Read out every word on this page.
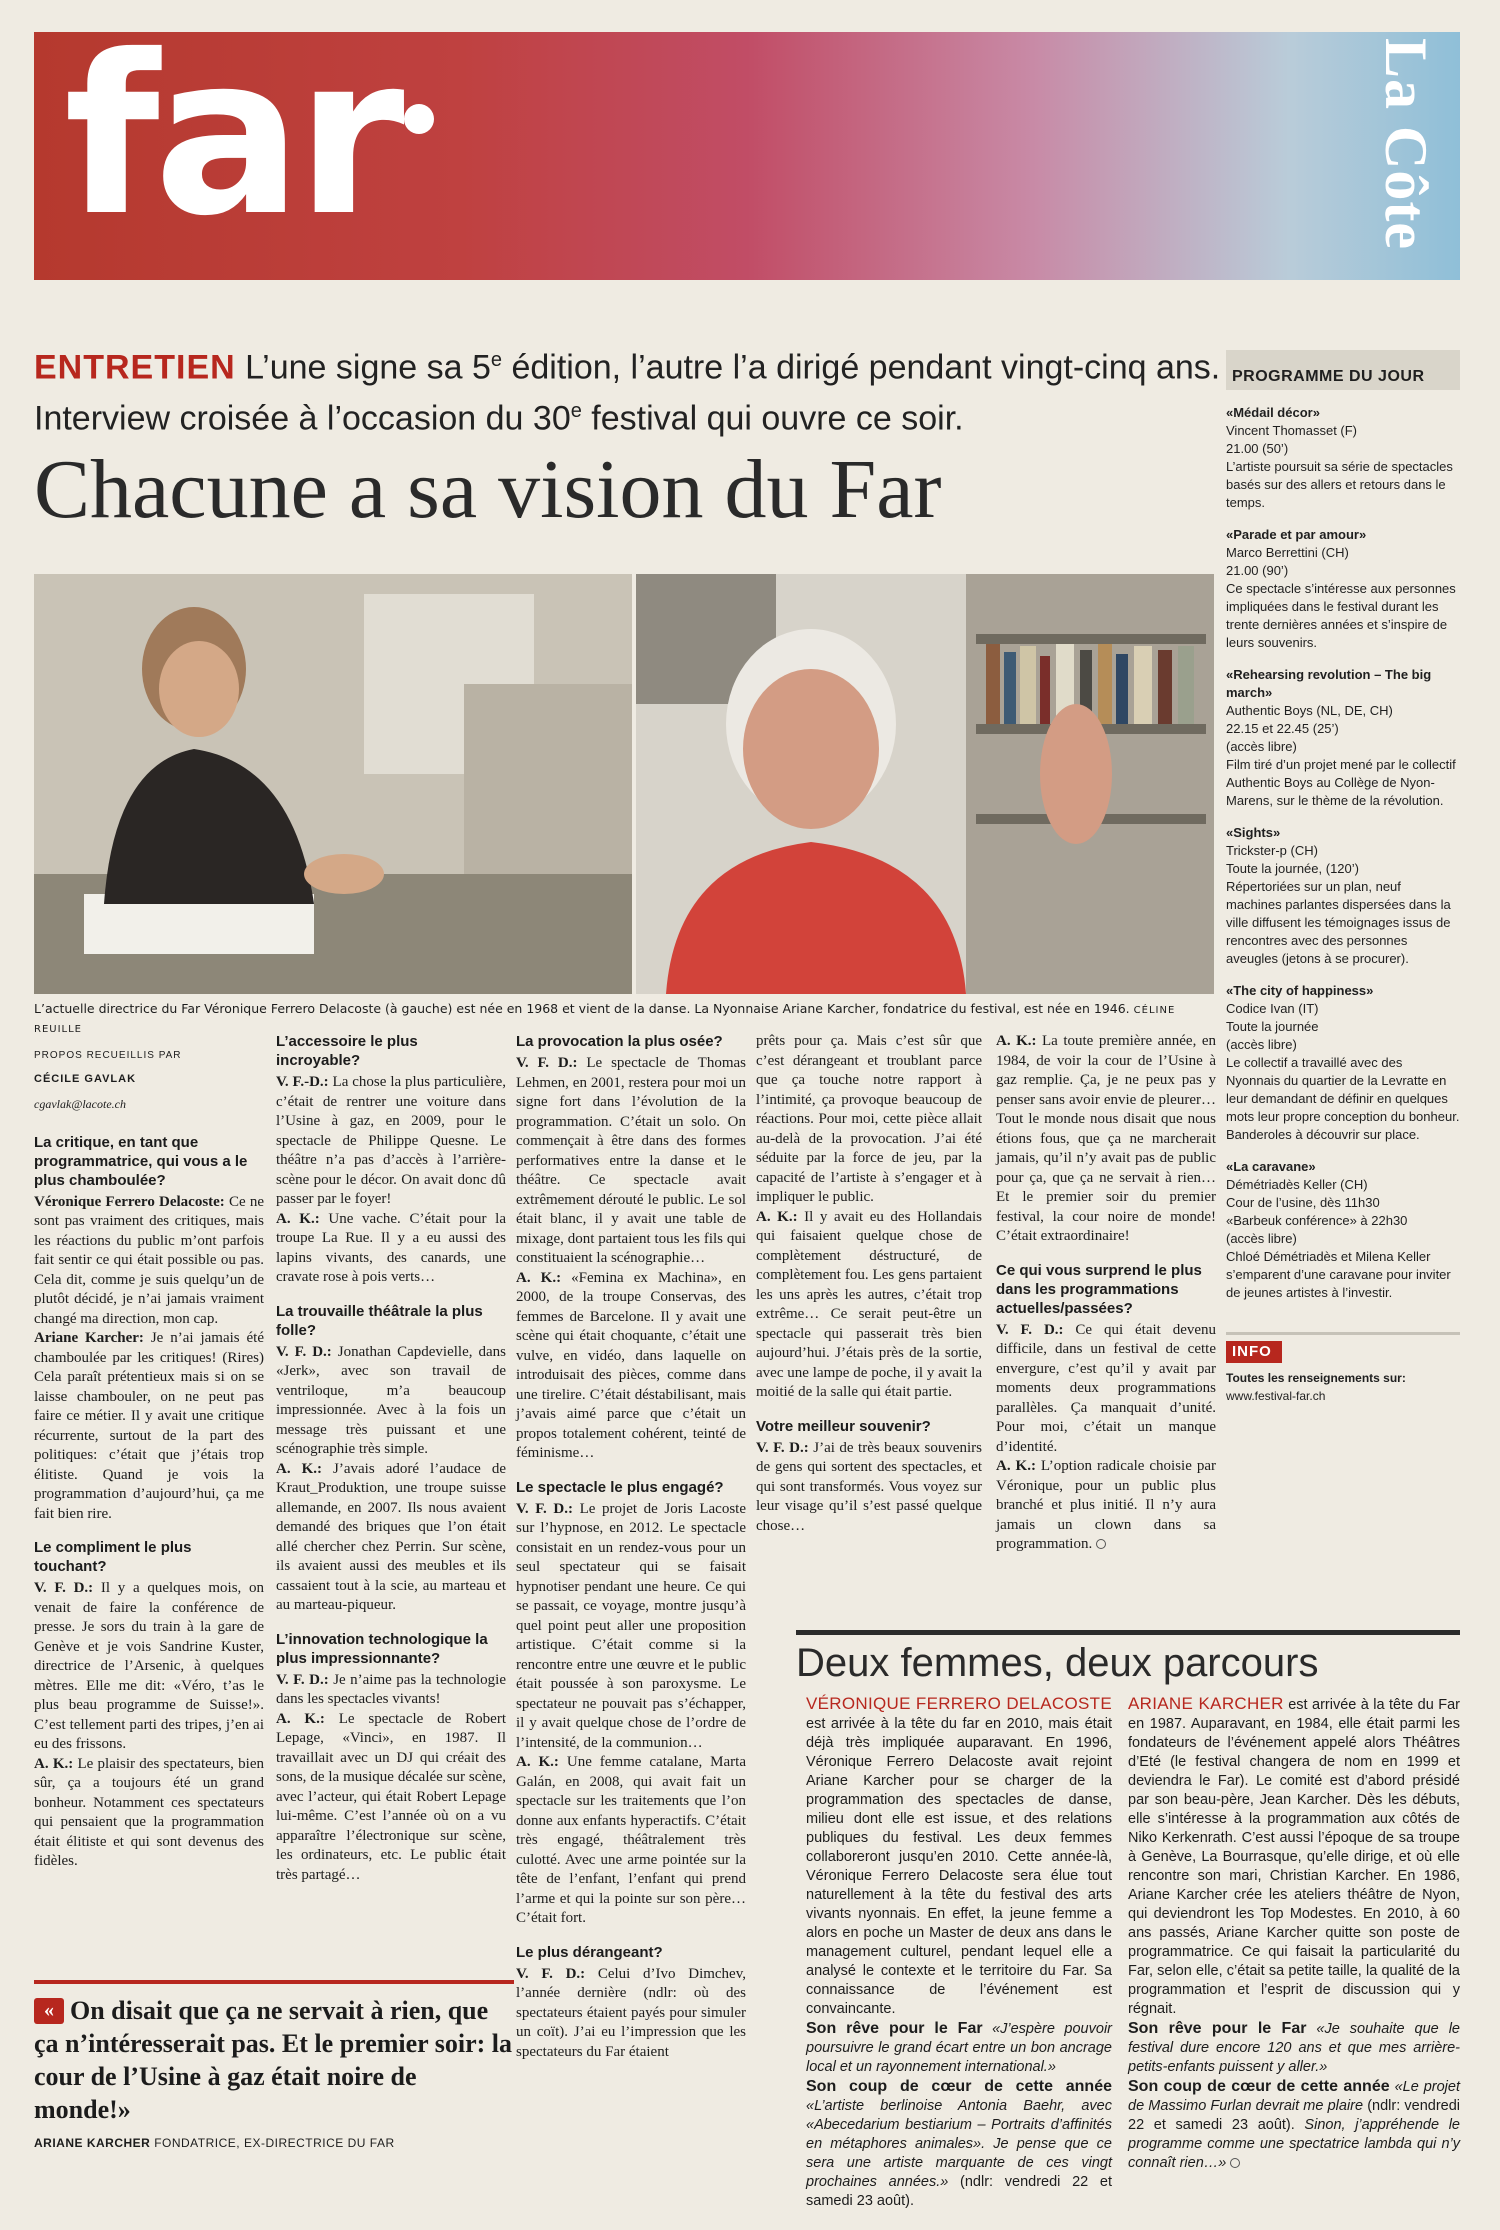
far	La Côte
ENTRETIEN L’une signe sa 5e édition, l’autre l’a dirigé pendant vingt-cinq ans. Interview croisée à l’occasion du 30e festival qui ouvre ce soir.
Chacune a sa vision du Far
L’actuelle directrice du Far Véronique Ferrero Delacoste (à gauche) est née en 1968 et vient de la danse. La Nyonnaise Ariane Karcher, fondatrice du festival, est née en 1946. CÉLINE REUILLE
PROPOS RECUEILLIS PAR
CÉCILE GAVLAK
cgavlak@lacote.ch

La critique, en tant que programmatrice, qui vous a le plus chamboulée?

Véronique Ferrero Delacoste: Ce ne sont pas vraiment des critiques, mais les réactions du public m’ont parfois fait sentir ce qui était possible ou pas. Cela dit, comme je suis quelqu’un de plutôt décidé, je n’ai jamais vraiment changé ma direction, mon cap.

Ariane Karcher: Je n’ai jamais été chamboulée par les critiques! (Rires) Cela paraît prétentieux mais si on se laisse chambouler, on ne peut pas faire ce métier. Il y avait une critique récurrente, surtout de la part des politiques: c’était que j’étais trop élitiste. Quand je vois la programmation d’aujourd’hui, ça me fait bien rire.

Le compliment le plus touchant?

V. F. D.: Il y a quelques mois, on venait de faire la conférence de presse. Je sors du train à la gare de Genève et je vois Sandrine Kuster, directrice de l’Arsenic, à quelques mètres. Elle me dit: «Véro, t’as le plus beau programme de Suisse!». C’est tellement parti des tripes, j’en ai eu des frissons.

A. K.: Le plaisir des spectateurs, bien sûr, ça a toujours été un grand bonheur. Notamment ces spectateurs qui pensaient que la programmation était élitiste et qui sont devenus des fidèles.

L’accessoire le plus incroyable?

V. F.-D.: La chose la plus particulière, c’était de rentrer une voiture dans l’Usine à gaz, en 2009, pour le spectacle de Philippe Quesne. Le théâtre n’a pas d’accès à l’arrière-scène pour le décor. On avait donc dû passer par le foyer!

A. K.: Une vache. C’était pour la troupe La Rue. Il y a eu aussi des lapins vivants, des canards, une cravate rose à pois verts…

La trouvaille théâtrale la plus folle?

V. F. D.: Jonathan Capdevielle, dans «Jerk», avec son travail de ventriloque, m’a beaucoup impressionnée. Avec à la fois un message très puissant et une scénographie très simple.

A. K.: J’avais adoré l’audace de Kraut_Produktion, une troupe suisse allemande, en 2007. Ils nous avaient demandé des briques que l’on était allé chercher chez Perrin. Sur scène, ils avaient aussi des meubles et ils cassaient tout à la scie, au marteau et au marteau-piqueur.

L’innovation technologique la plus impressionnante?

V. F. D.: Je n’aime pas la technologie dans les spectacles vivants!

A. K.: Le spectacle de Robert Lepage, «Vinci», en 1987. Il travaillait avec un DJ qui créait des sons, de la musique décalée sur scène, avec l’acteur, qui était Robert Lepage lui-même. C’est l’année où on a vu apparaître l’électronique sur scène, les ordinateurs, etc. Le public était très partagé…

La provocation la plus osée?

V. F. D.: Le spectacle de Thomas Lehmen, en 2001, restera pour moi un signe fort dans l’évolution de la programmation. C’était un solo. On commençait à être dans des formes performatives entre la danse et le théâtre. Ce spectacle avait extrêmement dérouté le public. Le sol était blanc, il y avait une table de mixage, dont partaient tous les fils qui constituaient la scénographie…

A. K.: «Femina ex Machina», en 2000, de la troupe Conservas, des femmes de Barcelone. Il y avait une scène qui était choquante, c’était une vulve, en vidéo, dans laquelle on introduisait des pièces, comme dans une tirelire. C’était déstabilisant, mais j’avais aimé parce que c’était un propos totalement cohérent, teinté de féminisme…

Le spectacle le plus engagé?

V. F. D.: Le projet de Joris Lacoste sur l’hypnose, en 2012. Le spectacle consistait en un rendez-vous pour un seul spectateur qui se faisait hypnotiser pendant une heure. Ce qui se passait, ce voyage, montre jusqu’à quel point peut aller une proposition artistique. C’était comme si la rencontre entre une œuvre et le public était poussée à son paroxysme. Le spectateur ne pouvait pas s’échapper, il y avait quelque chose de l’ordre de l’intensité, de la communion…

A. K.: Une femme catalane, Marta Galán, en 2008, qui avait fait un spectacle sur les traitements que l’on donne aux enfants hyperactifs. C’était très engagé, théâtralement très culotté. Avec une arme pointée sur la tête de l’enfant, l’enfant qui prend l’arme et qui la pointe sur son père… C’était fort.

Le plus dérangeant?

V. F. D.: Celui d’Ivo Dimchev, l’année dernière (ndlr: où des spectateurs étaient payés pour simuler un coït). J’ai eu l’impression que les spectateurs du Far étaient

prêts pour ça. Mais c’est sûr que c’est dérangeant et troublant parce que ça touche notre rapport à l’intimité, ça provoque beaucoup de réactions. Pour moi, cette pièce allait au-delà de la provocation. J’ai été séduite par la force de jeu, par la capacité de l’artiste à s’engager et à impliquer le public.

A. K.: Il y avait eu des Hollandais qui faisaient quelque chose de complètement déstructuré, de complètement fou. Les gens partaient les uns après les autres, c’était trop extrême… Ce serait peut-être un spectacle qui passerait très bien aujourd’hui. J’étais près de la sortie, avec une lampe de poche, il y avait la moitié de la salle qui était partie.

Votre meilleur souvenir?

V. F. D.: J’ai de très beaux souvenirs de gens qui sortent des spectacles, et qui sont transformés. Vous voyez sur leur visage qu’il s’est passé quelque chose…

A. K.: La toute première année, en 1984, de voir la cour de l’Usine à gaz remplie. Ça, je ne peux pas y penser sans avoir envie de pleurer… Tout le monde nous disait que nous étions fous, que ça ne marcherait jamais, qu’il n’y avait pas de public pour ça, que ça ne servait à rien… Et le premier soir du premier festival, la cour noire de monde! C’était extraordinaire!

Ce qui vous surprend le plus dans les programmations actuelles/passées?

V. F. D.: Ce qui était devenu difficile, dans un festival de cette envergure, c’est qu’il y avait par moments deux programmations parallèles. Ça manquait d’unité. Pour moi, c’était un manque d’identité.

A. K.: L’option radicale choisie par Véronique, pour un public plus branché et plus initié. Il n’y aura jamais un clown dans sa programmation.

« On disait que ça ne servait à rien, que ça n’intéresserait pas. Et le premier soir: la cour de l’Usine à gaz était noire de monde!»
ARIANE KARCHER FONDATRICE, EX-DIRECTRICE DU FAR
PROGRAMME DU JOUR
«Médail décor»
Vincent Thomasset (F)
21.00 (50’)
L’artiste poursuit sa série de spectacles basés sur des allers et retours dans le temps.
«Parade et par amour»
Marco Berrettini (CH)
21.00 (90’)
Ce spectacle s’intéresse aux personnes impliquées dans le festival durant les trente dernières années et s’inspire de leurs souvenirs.
«Rehearsing revolution – The big march»
Authentic Boys (NL, DE, CH)
22.15 et 22.45 (25’)
(accès libre)
Film tiré d’un projet mené par le collectif Authentic Boys au Collège de Nyon-Marens, sur le thème de la révolution.
«Sights»
Trickster-p (CH)
Toute la journée, (120’)
Répertoriées sur un plan, neuf machines parlantes dispersées dans la ville diffusent les témoignages issus de rencontres avec des personnes aveugles (jetons à se procurer).
«The city of happiness»
Codice Ivan (IT)
Toute la journée
(accès libre)
Le collectif a travaillé avec des Nyonnais du quartier de la Levratte en leur demandant de définir en quelques mots leur propre conception du bonheur. Banderoles à découvrir sur place.
«La caravane»
Démétriadès Keller (CH)
Cour de l’usine, dès 11h30
«Barbeuk conférence» à 22h30
(accès libre)
Chloé Démétriadès et Milena Keller s’emparent d’une caravane pour inviter de jeunes artistes à l’investir.
INFO
Toutes les renseignements sur:
www.festival-far.ch
Deux femmes, deux parcours

VÉRONIQUE FERRERO DELACOSTE est arrivée à la tête du far en 2010, mais était déjà très impliquée auparavant. En 1996, Véronique Ferrero Delacoste avait rejoint Ariane Karcher pour se charger de la programmation des spectacles de danse, milieu dont elle est issue, et des relations publiques du festival. Les deux femmes collaboreront jusqu’en 2010. Cette année-là, Véronique Ferrero Delacoste sera élue tout naturellement à la tête du festival des arts vivants nyonnais. En effet, la jeune femme a alors en poche un Master de deux ans dans le management culturel, pendant lequel elle a analysé le contexte et le territoire du Far. Sa connaissance de l’événement est convaincante.

Son rêve pour le Far «J’espère pouvoir poursuivre le grand écart entre un bon ancrage local et un rayonnement international.»

Son coup de cœur de cette année «L’artiste berlinoise Antonia Baehr, avec «Abecedarium bestiarium – Portraits d’affinités en métaphores animales». Je pense que ce sera une artiste marquante de ces vingt prochaines années.» (ndlr: vendredi 22 et samedi 23 août).

ARIANE KARCHER est arrivée à la tête du Far en 1987. Auparavant, en 1984, elle était parmi les fondateurs de l’événement appelé alors Théâtres d’Eté (le festival changera de nom en 1999 et deviendra le Far). Le comité est d’abord présidé par son beau-père, Jean Karcher. Dès les débuts, elle s’intéresse à la programmation aux côtés de Niko Kerkenrath. C’est aussi l’époque de sa troupe à Genève, La Bourrasque, qu’elle dirige, et où elle rencontre son mari, Christian Karcher. En 1986, Ariane Karcher crée les ateliers théâtre de Nyon, qui deviendront les Top Modestes. En 2010, à 60 ans passés, Ariane Karcher quitte son poste de programmatrice. Ce qui faisait la particularité du Far, selon elle, c’était sa petite taille, la qualité de la programmation et l’esprit de discussion qui y régnait.

Son rêve pour le Far «Je souhaite que le festival dure encore 120 ans et que mes arrière-petits-enfants puissent y aller.»

Son coup de cœur de cette année «Le projet de Massimo Furlan devrait me plaire (ndlr: vendredi 22 et samedi 23 août). Sinon, j’appréhende le programme comme une spectatrice lambda qui n’y connaît rien…»
